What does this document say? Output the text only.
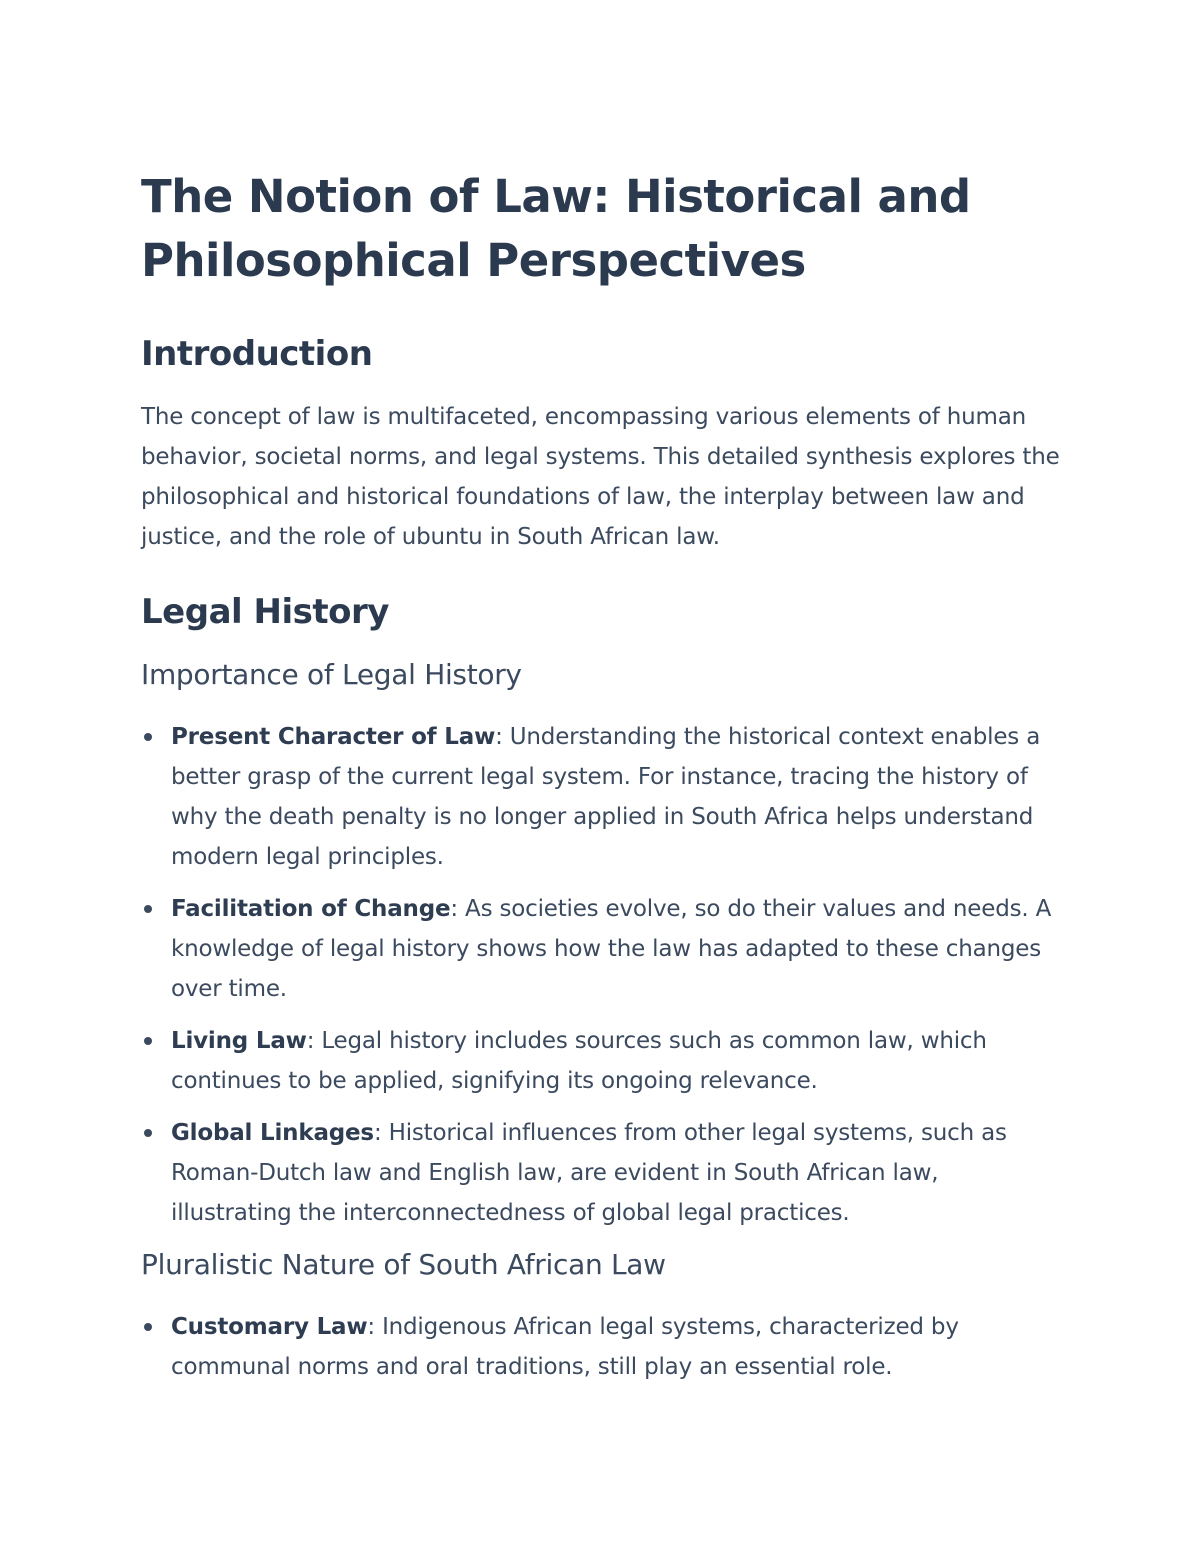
The Notion of Law: Historical and Philosophical Perspectives
Introduction

The concept of law is multifaceted, encompassing various elements of human behavior, societal norms, and legal systems. This detailed synthesis explores the philosophical and historical foundations of law, the interplay between law and justice, and the role of ubuntu in South African law.

Legal History
Importance of Legal History
Present Character of Law: Understanding the historical context enables a better grasp of the current legal system. For instance, tracing the history of why the death penalty is no longer applied in South Africa helps understand modern legal principles.
Facilitation of Change: As societies evolve, so do their values and needs. A knowledge of legal history shows how the law has adapted to these changes over time.
Living Law: Legal history includes sources such as common law, which continues to be applied, signifying its ongoing relevance.
Global Linkages: Historical influences from other legal systems, such as Roman-Dutch law and English law, are evident in South African law, illustrating the interconnectedness of global legal practices.
Pluralistic Nature of South African Law
Customary Law: Indigenous African legal systems, characterized by communal norms and oral traditions, still play an essential role.
